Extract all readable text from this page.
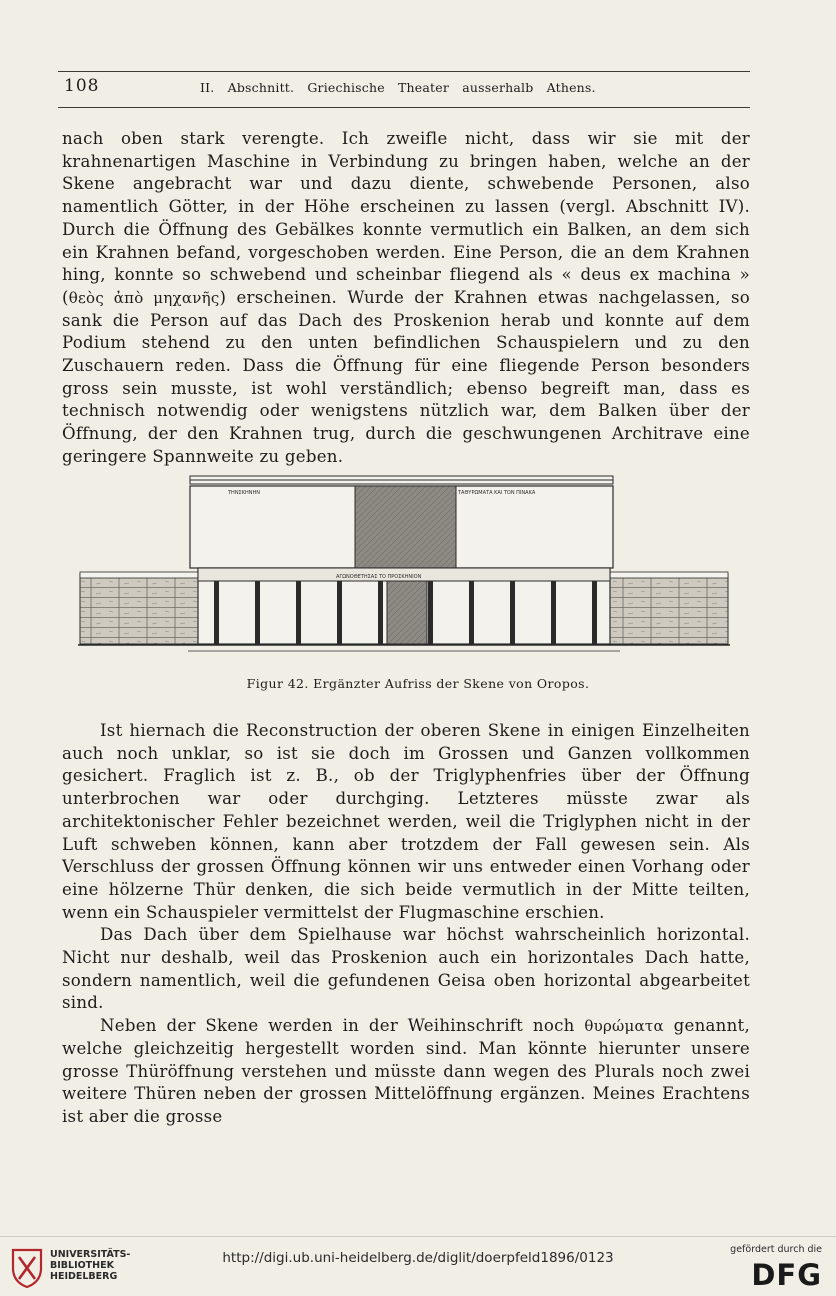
108	II. Abschnitt. Griechische Theater ausserhalb Athens.

nach oben stark verengte. Ich zweifle nicht, dass wir sie mit der krahnenartigen Maschine in Verbindung zu bringen haben, welche an der Skene angebracht war und dazu diente, schwebende Personen, also namentlich Götter, in der Höhe erscheinen zu lassen (vergl. Abschnitt IV). Durch die Öffnung des Gebälkes konnte vermutlich ein Balken, an dem sich ein Krahnen befand, vorgeschoben werden. Eine Person, die an dem Krahnen hing, konnte so schwebend und scheinbar fliegend als « deus ex machina » (θεὸς ἀπὸ μηχανῆς) erscheinen. Wurde der Krahnen etwas nachgelassen, so sank die Person auf das Dach des Proskenion herab und konnte auf dem Podium stehend zu den unten befindlichen Schauspielern und zu den Zuschauern reden. Dass die Öffnung für eine fliegende Person besonders gross sein musste, ist wohl verständlich; ebenso begreift man, dass es technisch notwendig oder wenigstens nützlich war, dem Balken über der Öffnung, der den Krahnen trug, durch die geschwungenen Architrave eine geringere Spannweite zu geben.

ΤΗΝΣΚΗΝΗΝ	ΤΑΘΥΡΩΜΑΤΑ ΚΑΙ ΤΟΝ ΠΙΝΑΚΑ
ΑΓΩΝΟΘΕΤΗΣΑΣ ΤΟ ΠΡΟΣΚΗΝΙΟΝ
Figur 42. Ergänzter Aufriss der Skene von Oropos.

Ist hiernach die Reconstruction der oberen Skene in einigen Einzelheiten auch noch unklar, so ist sie doch im Grossen und Ganzen vollkommen gesichert. Fraglich ist z. B., ob der Triglyphenfries über der Öffnung unterbrochen war oder durchging. Letzteres müsste zwar als architektonischer Fehler bezeichnet werden, weil die Triglyphen nicht in der Luft schweben können, kann aber trotzdem der Fall gewesen sein. Als Verschluss der grossen Öffnung können wir uns entweder einen Vorhang oder eine hölzerne Thür denken, die sich beide vermutlich in der Mitte teilten, wenn ein Schauspieler vermittelst der Flugmaschine erschien.

Das Dach über dem Spielhause war höchst wahrscheinlich horizontal. Nicht nur deshalb, weil das Proskenion auch ein horizontales Dach hatte, sondern namentlich, weil die gefundenen Geisa oben horizontal abgearbeitet sind.

Neben der Skene werden in der Weihinschrift noch θυρώματα genannt, welche gleichzeitig hergestellt worden sind. Man könnte hierunter unsere grosse Thüröffnung verstehen und müsste dann wegen des Plurals noch zwei weitere Thüren neben der grossen Mittelöffnung ergänzen. Meines Erachtens ist aber die grosse

UNIVERSITÄTS-
BIBLIOTHEK
HEIDELBERG
http://digi.ub.uni-heidelberg.de/diglit/doerpfeld1896/0123
gefördert durch die
DFG
